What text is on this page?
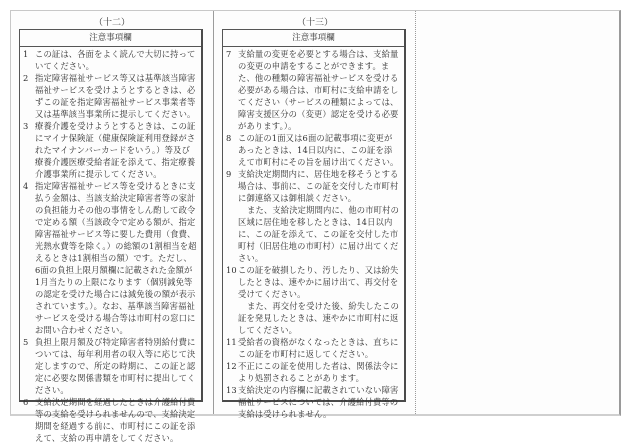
（十二）
注意事項欄

1 この証は、各面をよく読んで大切に持っていてください。

2 指定障害福祉サービス等又は基準該当障害福祉サービスを受けようとするときは、必ずこの証を指定障害福祉サービス事業者等又は基準該当事業所に提示してください。

3 療養介護を受けようとするときは、この証にマイナ保険証（健康保険証利用登録がされたマイナンバーカードをいう。）等及び療養介護医療受給者証を添えて、指定療養介護事業所に提示してください。

4 指定障害福祉サービス等を受けるときに支払う金額は、当該支給決定障害者等の家計の負担能力その他の事情をしん酌して政令で定める額（当該政令で定める額が、指定障害福祉サービス等に要した費用（食費、光熱水費等を除く。）の総額の1割相当を超えるときは1割相当の額）です。ただし、6面の負担上限月額欄に記載された金額が1月当たりの上限になります（個別減免等の認定を受けた場合には減免後の額が表示されています。）。なお、基準該当障害福祉サービスを受ける場合等は市町村の窓口にお問い合わせください。

5 負担上限月額及び特定障害者特別給付費については、毎年利用者の収入等に応じて決定しますので、所定の時期に、この証と認定に必要な関係書類を市町村に提出してください。

6 支給決定期間を経過したときは介護給付費等の支給を受けられませんので、支給決定期間を経過する前に、市町村にこの証を添えて、支給の再申請をしてください。

（十三）
注意事項欄

7 支給量の変更を必要とする場合は、支給量の変更の申請をすることができます。また、他の種類の障害福祉サービスを受ける必要がある場合は、市町村に支給申請をしてください（サービスの種類によっては、障害支援区分の（変更）認定を受ける必要があります。）。

8 この証の1面又は6面の記載事項に変更があったときは、14日以内に、この証を添えて市町村にその旨を届け出てください。

9 支給決定期間内に、居住地を移そうとする場合は、事前に、この証を交付した市町村に御連絡又は御相談ください。

また、支給決定期間内に、他の市町村の区域に居住地を移したときは、14日以内に、この証を添えて、この証を交付した市町村（旧居住地の市町村）に届け出てください。

10この証を破損したり、汚したり、又は紛失したときは、速やかに届け出て、再交付を受けてください。

また、再交付を受けた後、紛失したこの証を発見したときは、速やかに市町村に返してください。

11受給者の資格がなくなったときは、直ちにこの証を市町村に返してください。

12不正にこの証を使用した者は、関係法令により処罰されることがあります。

13支給決定の内容欄に記載されていない障害福祉サービスについては、介護給付費等の支給は受けられません。
